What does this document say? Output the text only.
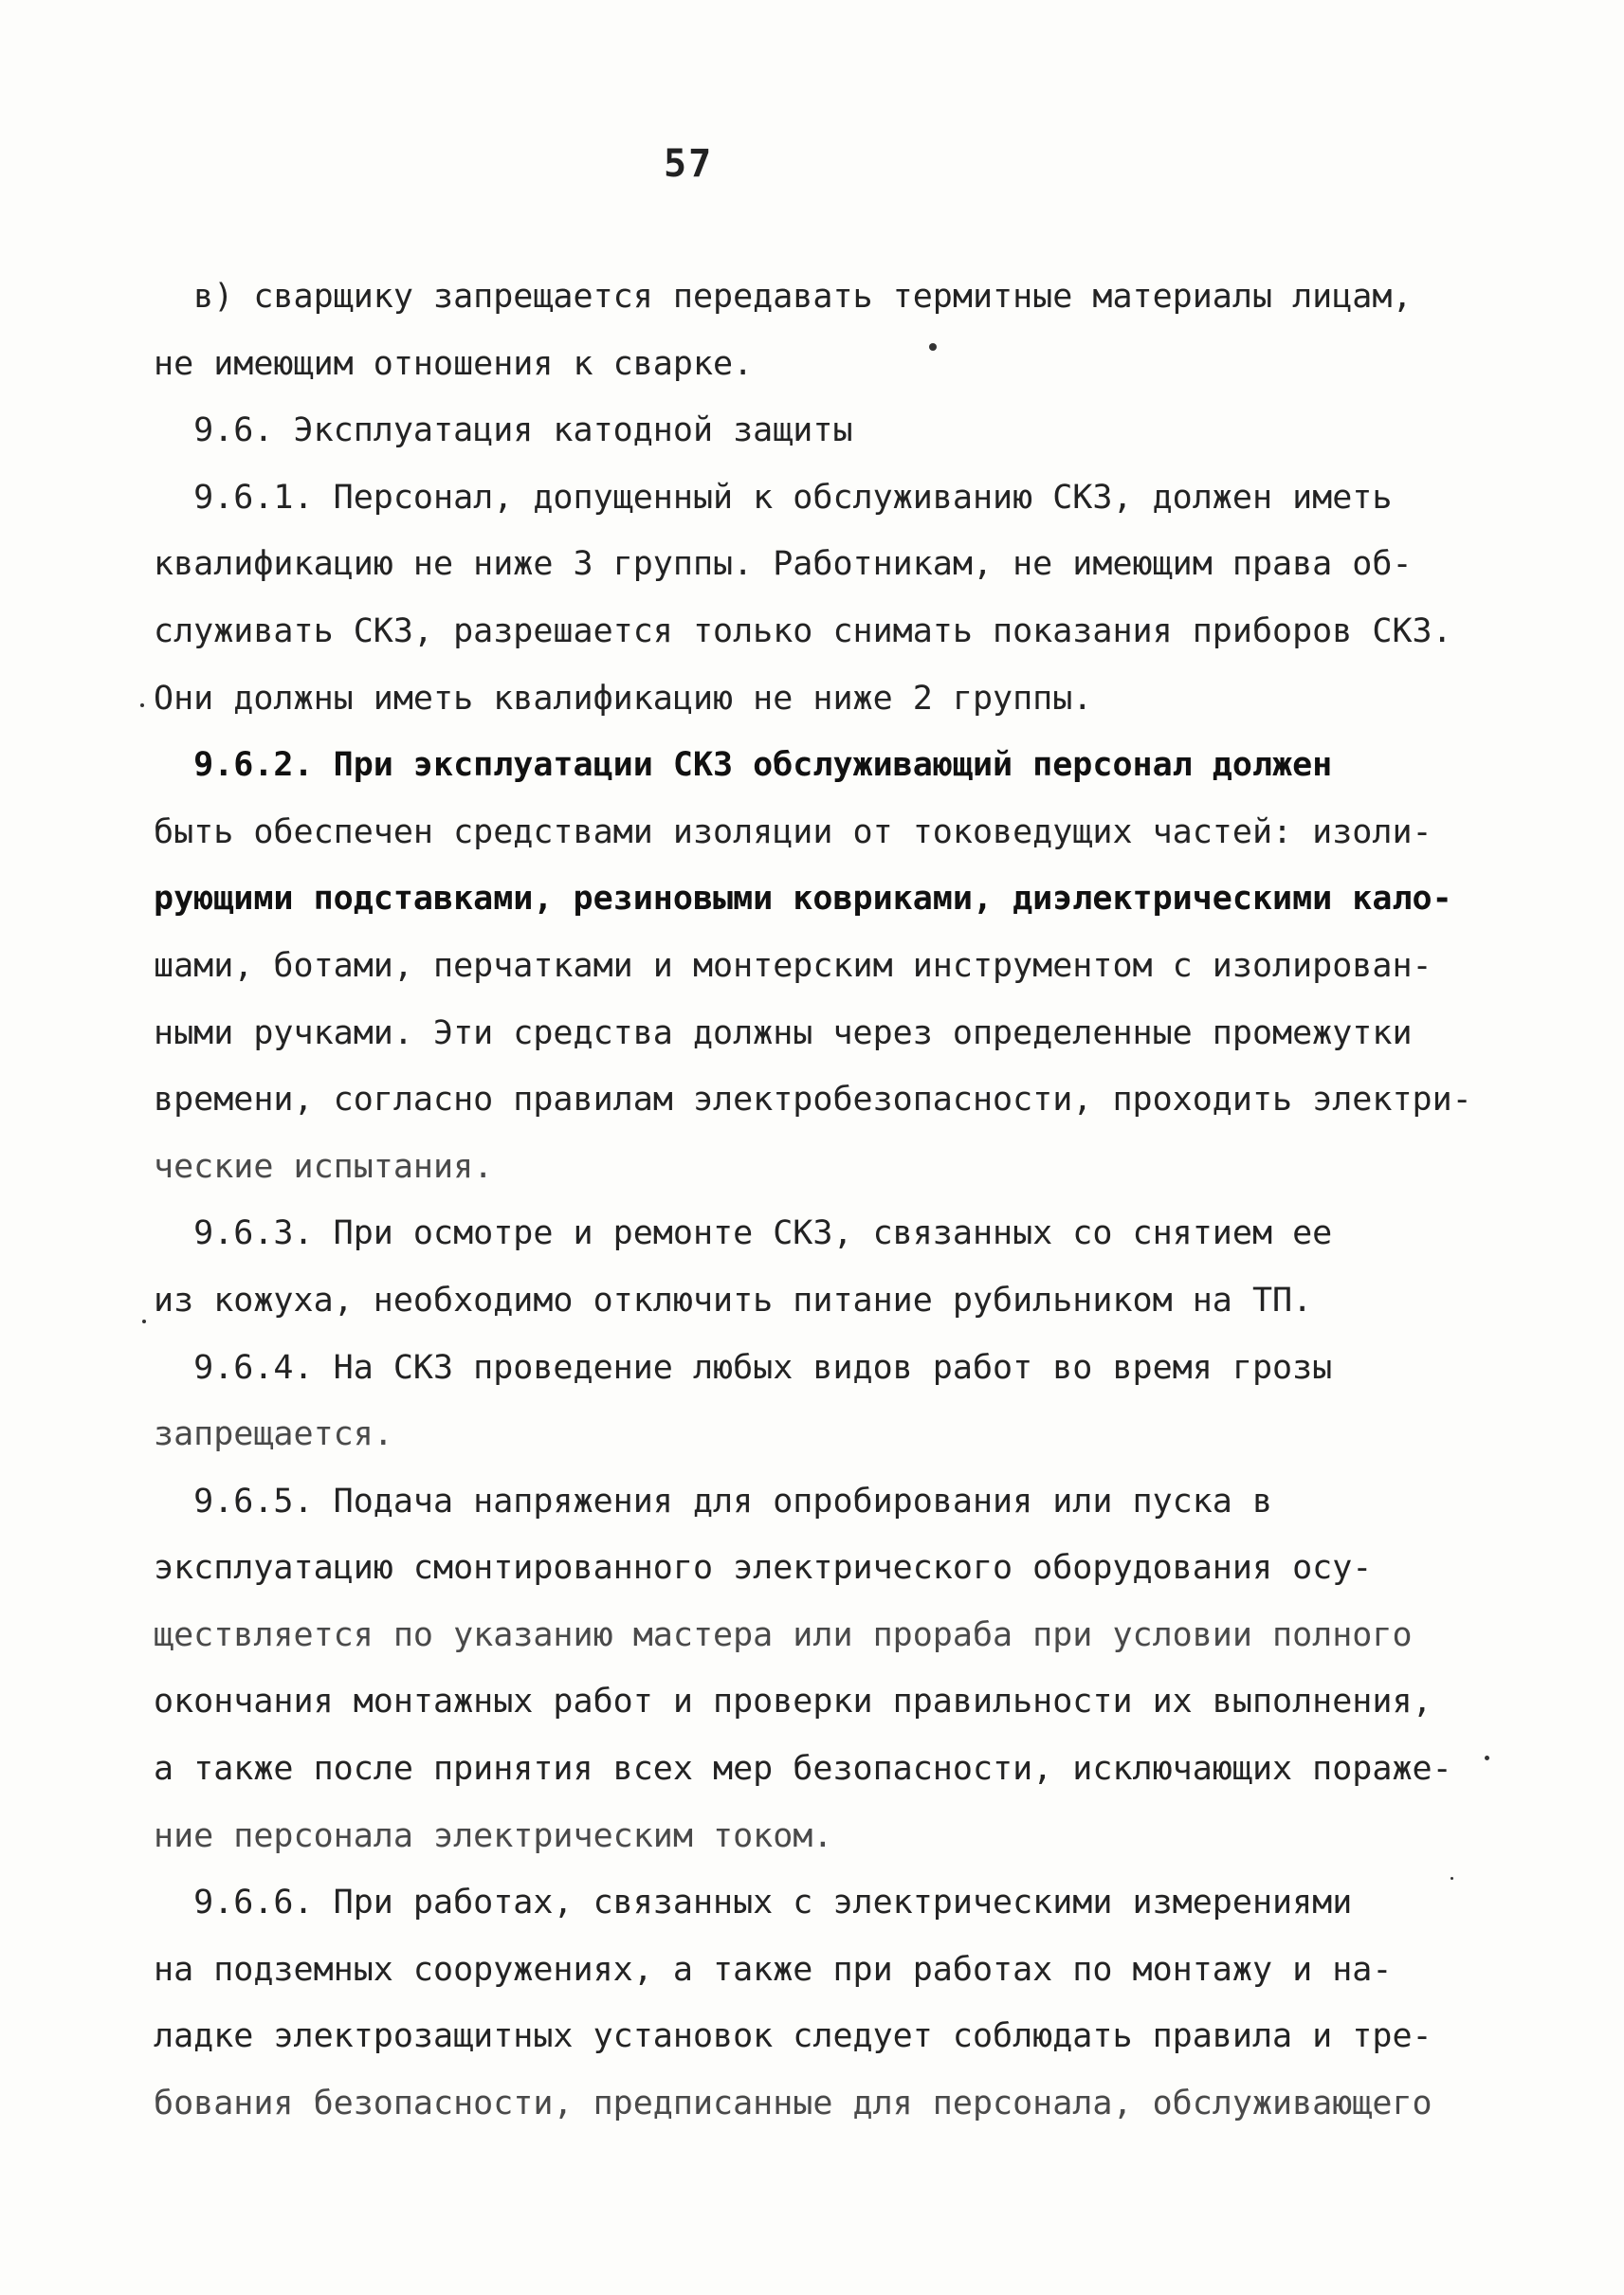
57
в) сварщику запрещается передавать термитные материалы лицам,
не имеющим отношения к сварке.
9.6. Эксплуатация катодной защиты
9.6.1. Персонал, допущенный к обслуживанию СКЗ, должен иметь
квалификацию не ниже 3 группы. Работникам, не имеющим права об-
служивать СКЗ, разрешается только снимать показания приборов СКЗ.
Они должны иметь квалификацию не ниже 2 группы.
9.6.2. При эксплуатации СКЗ обслуживающий персонал должен
быть обеспечен средствами изоляции от токоведущих частей: изоли-
рующими подставками, резиновыми ковриками, диэлектрическими кало-
шами, ботами, перчатками и монтерским инструментом с изолирован-
ными ручками. Эти средства должны через определенные промежутки
времени, согласно правилам электробезопасности, проходить электри-
ческие испытания.
9.6.3. При осмотре и ремонте СКЗ, связанных со снятием ее
из кожуха, необходимо отключить питание рубильником на ТП.
9.6.4. На СКЗ проведение любых видов работ во время грозы
запрещается.
9.6.5. Подача напряжения для опробирования или пуска в
эксплуатацию смонтированного электрического оборудования осу-
ществляется по указанию мастера или прораба при условии полного
окончания монтажных работ и проверки правильности их выполнения,
а также после принятия всех мер безопасности, исключающих пораже-
ние персонала электрическим током.
9.6.6. При работах, связанных с электрическими измерениями
на подземных сооружениях, а также при работах по монтажу и на-
ладке электрозащитных установок следует соблюдать правила и тре-
бования безопасности, предписанные для персонала, обслуживающего
